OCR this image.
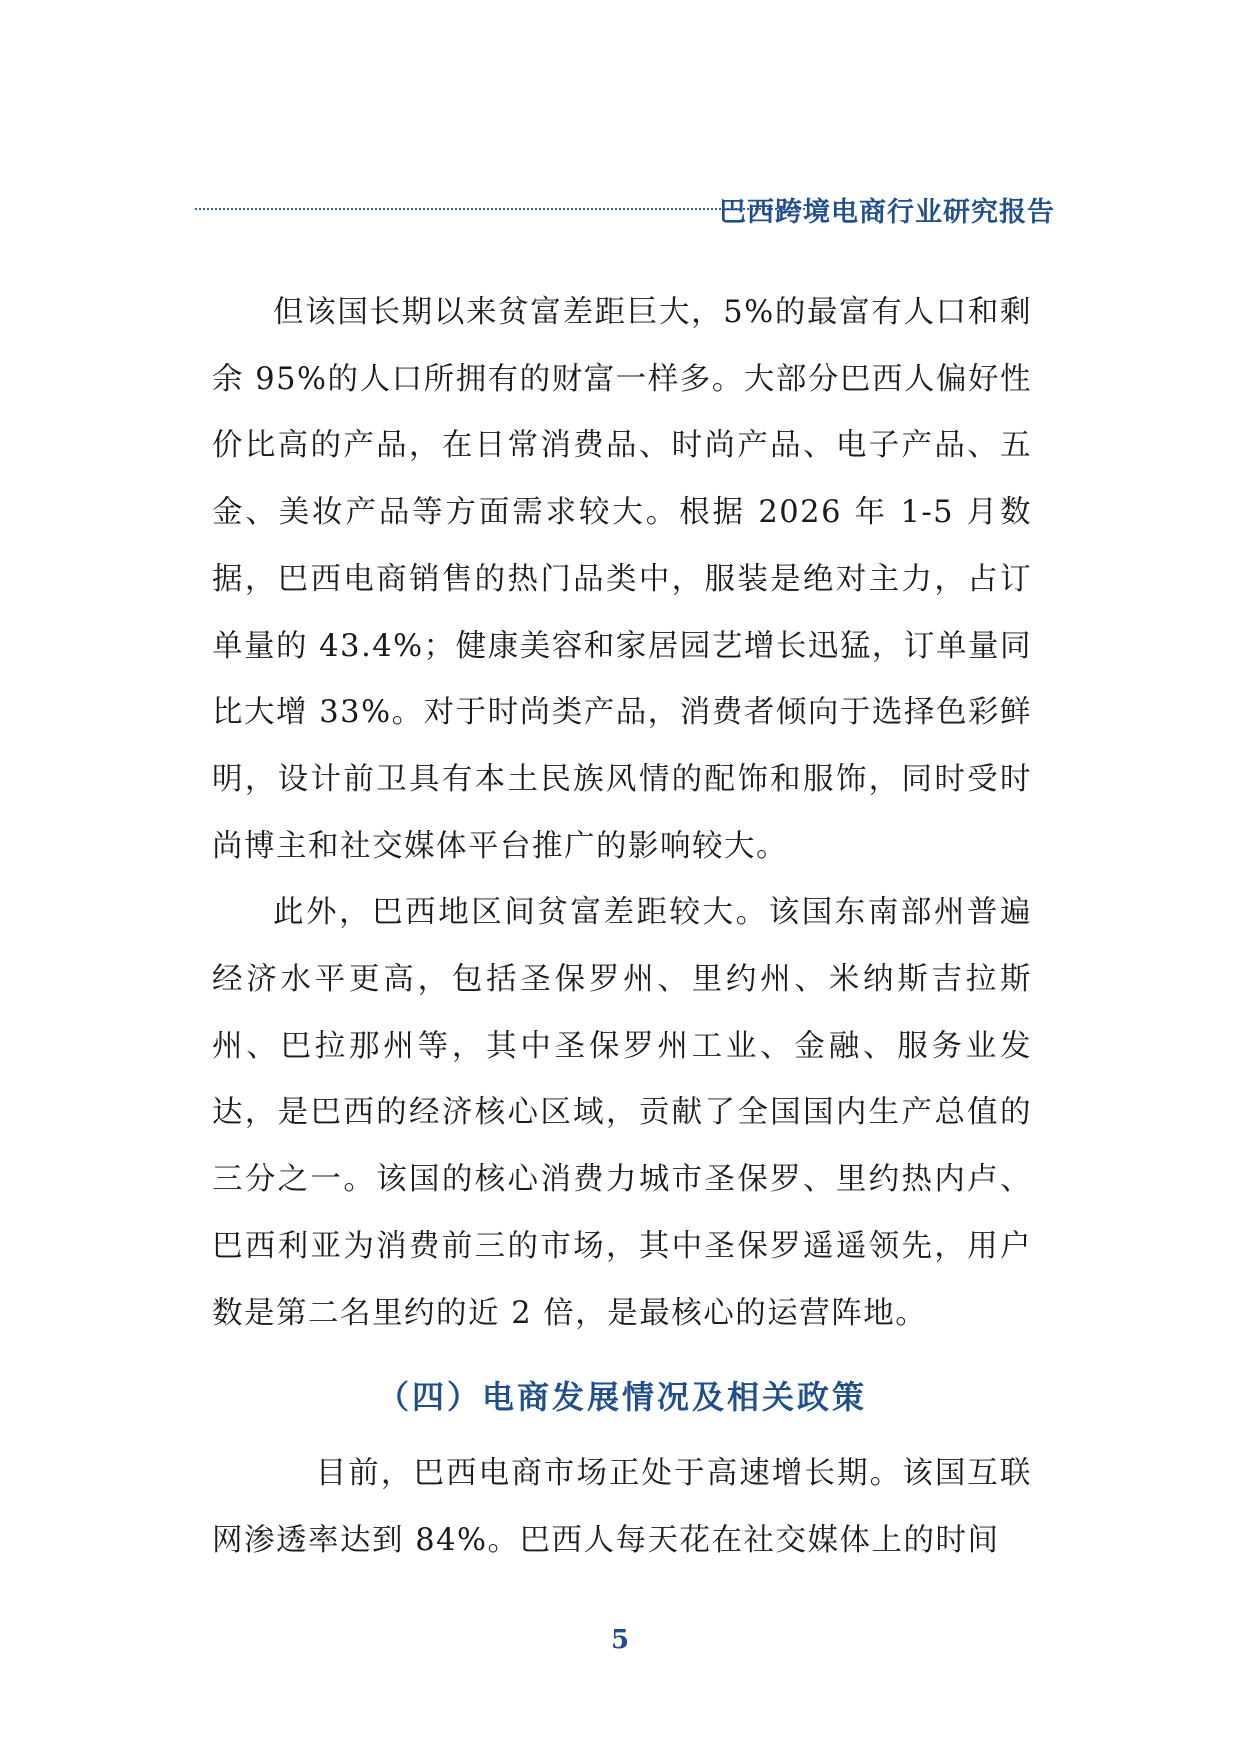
巴西跨境电商行业研究报告

但该国长期以来贫富差距巨大，5%的最富有人口和剩余 95%的人口所拥有的财富一样多。大部分巴西人偏好性价比高的产品，在日常消费品、时尚产品、电子产品、五金、美妆产品等方面需求较大。根据 2026 年 1-5 月数据，巴西电商销售的热门品类中，服装是绝对主力，占订单量的 43.4%；健康美容和家居园艺增长迅猛，订单量同比大增 33%。对于时尚类产品，消费者倾向于选择色彩鲜明，设计前卫具有本土民族风情的配饰和服饰，同时受时尚博主和社交媒体平台推广的影响较大。

此外，巴西地区间贫富差距较大。该国东南部州普遍经济水平更高，包括圣保罗州、里约州、米纳斯吉拉斯州、巴拉那州等，其中圣保罗州工业、金融、服务业发达，是巴西的经济核心区域，贡献了全国国内生产总值的三分之一。该国的核心消费力城市圣保罗、里约热内卢、巴西利亚为消费前三的市场，其中圣保罗遥遥领先，用户数是第二名里约的近 2 倍，是最核心的运营阵地。

（四）电商发展情况及相关政策

目前，巴西电商市场正处于高速增长期。该国互联网渗透率达到 84%。巴西人每天花在社交媒体上的时间

5
